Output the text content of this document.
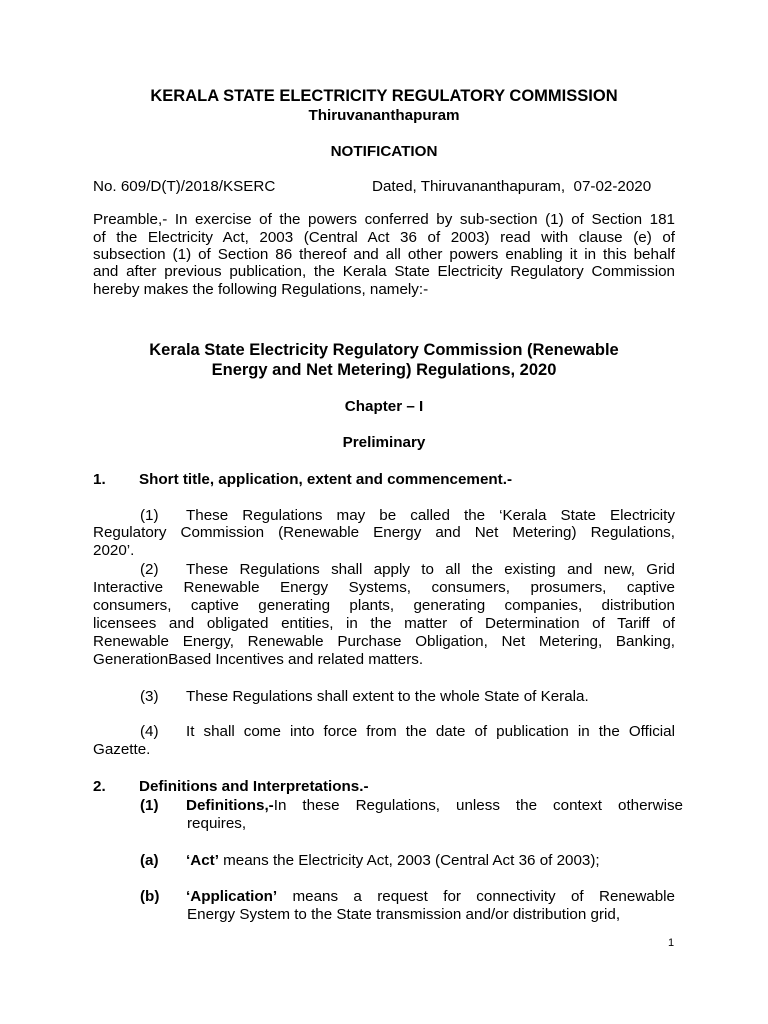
KERALA STATE ELECTRICITY REGULATORY COMMISSION
Thiruvananthapuram
NOTIFICATION
No. 609/D(T)/2018/KSERC	Dated, Thiruvananthapuram,  07-02-2020
Preamble,- In exercise of the powers conferred by sub-section (1) of Section 181
of the Electricity Act, 2003 (Central Act 36 of 2003) read with clause (e) of
subsection (1) of Section 86 thereof and all other powers enabling it in this behalf
and after previous publication, the Kerala State Electricity Regulatory Commission
hereby makes the following Regulations, namely:-
Kerala State Electricity Regulatory Commission (Renewable
Energy and Net Metering) Regulations, 2020
Chapter – I
Preliminary
1. Short title, application, extent and commencement.-
(1) These Regulations may be called the ‘Kerala State Electricity
Regulatory Commission (Renewable Energy and Net Metering) Regulations,
2020’.
(2) These Regulations shall apply to all the existing and new, Grid
Interactive Renewable Energy Systems, consumers, prosumers, captive
consumers, captive generating plants, generating companies, distribution
licensees and obligated entities, in the matter of Determination of Tariff of
Renewable Energy, Renewable Purchase Obligation, Net Metering, Banking,
GenerationBased Incentives and related matters.
(3) These Regulations shall extent to the whole State of Kerala.
(4) It shall come into force from the date of publication in the Official
Gazette.
2. Definitions and Interpretations.-
(1) Definitions,-In these Regulations, unless the context otherwise
requires,
(a) ‘Act’ means the Electricity Act, 2003 (Central Act 36 of 2003);
(b) ‘Application’ means a request for connectivity of Renewable
Energy System to the State transmission and/or distribution grid,
1
